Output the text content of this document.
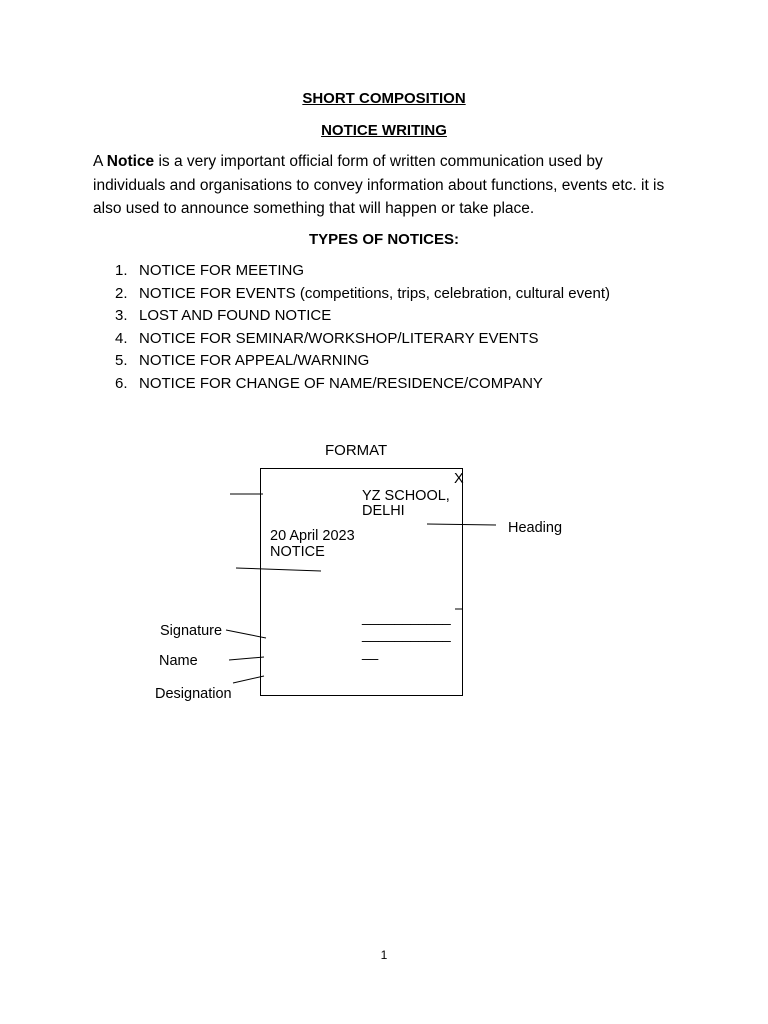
SHORT COMPOSITION

NOTICE WRITING

A Notice is a very important official form of written communication used by individuals and organisations to convey information about functions, events etc. it is also used to announce something that will happen or take place.

TYPES OF NOTICES:

1. NOTICE FOR MEETING
2. NOTICE FOR EVENTS (competitions, trips, celebration, cultural event)
3. LOST AND FOUND NOTICE
4. NOTICE FOR SEMINAR/WORKSHOP/LITERARY EVENTS
5. NOTICE FOR APPEAL/WARNING
6. NOTICE FOR CHANGE OF NAME/RESIDENCE/COMPANY
FORMAT
X
YZ SCHOOL,
DELHI
20 April 2023
NOTICE
___________
___________
__
Heading
Signature
Name
Designation
1
